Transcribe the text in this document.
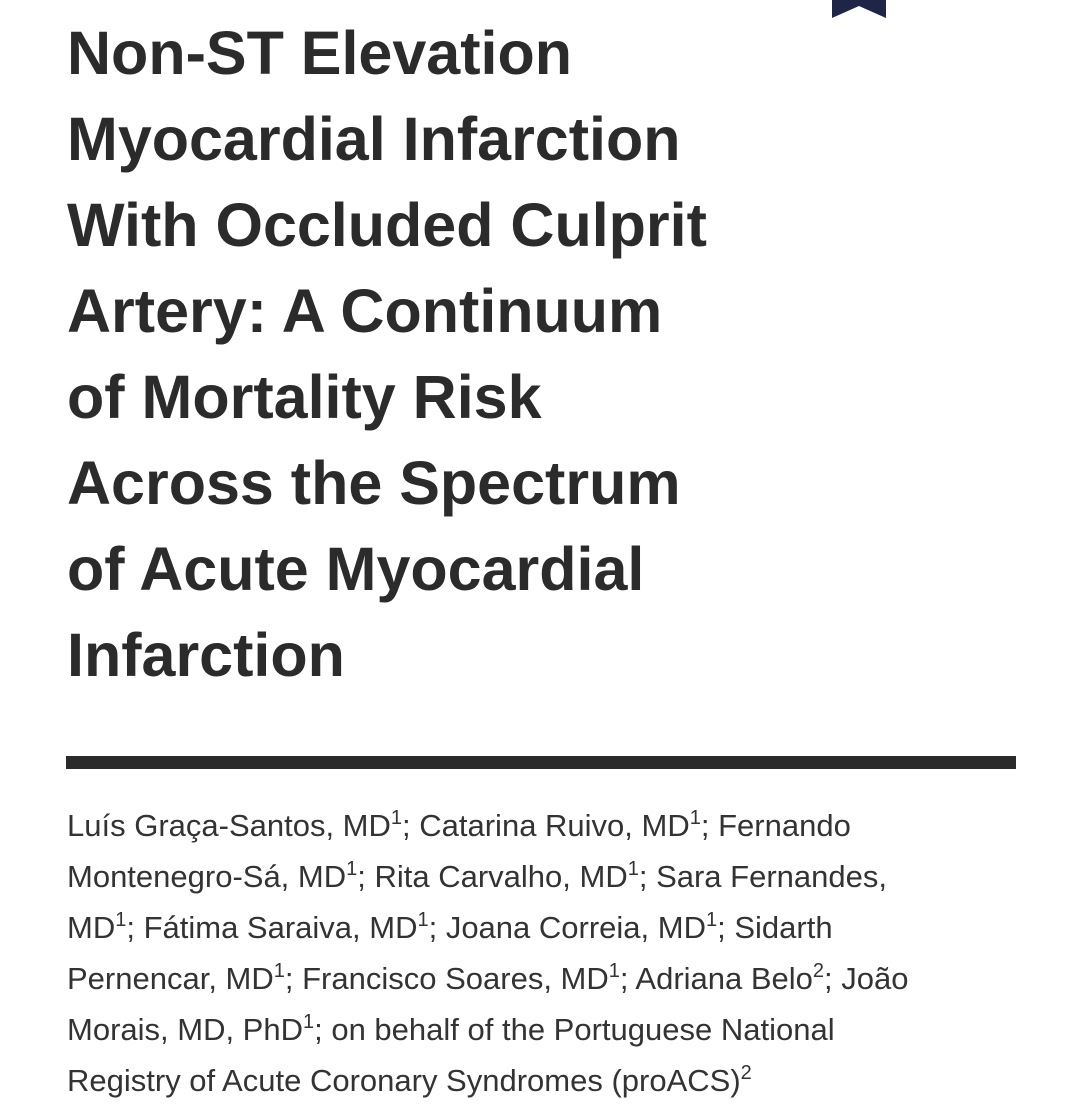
Non-ST Elevation
Myocardial Infarction
With Occluded Culprit
Artery: A Continuum
of Mortality Risk
Across the Spectrum
of Acute Myocardial
Infarction

Luís Graça-Santos, $MD^1$; Catarina Ruivo, $MD^1$; Fernando
Montenegro-Sá, $MD^1$; Rita Carvalho, $MD^1$; Sara Fernandes,
$MD^1$; Fátima Saraiva, $MD^1$; Joana Correia, $MD^1$; Sidarth
Pernencar, $MD^1$; Francisco Soares, $MD^1$; Adriana Belo$^2$; João
Morais, MD, PhD$^1$; on behalf of the Portuguese National
Registry of Acute Coronary Syndromes (proACS)$^2$
